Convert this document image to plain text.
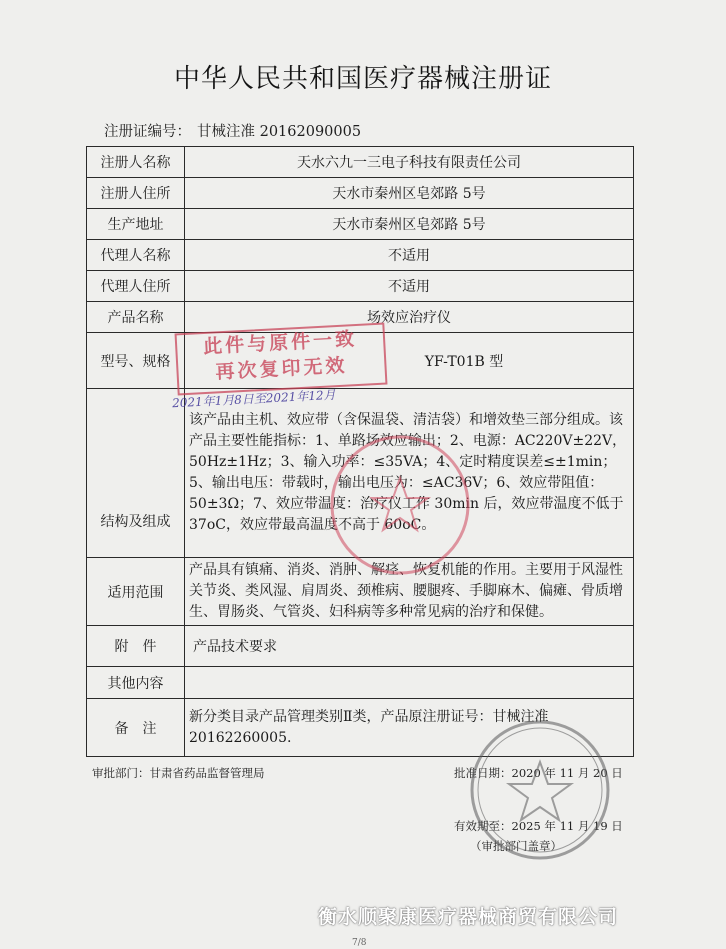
中华人民共和国医疗器械注册证
注册证编号： 甘械注准 20162090005
注册人名称	天水六九一三电子科技有限责任公司
注册人住所	天水市秦州区皂郊路 5号
生产地址	天水市秦州区皂郊路 5号
代理人名称	不适用
代理人住所	不适用
产品名称	场效应治疗仪
型号、规格	YF-T01B 型
结构及组成	该产品由主机、效应带（含保温袋、清洁袋）和增效垫三部分组成。该产品主要性能指标：1、单路场效应输出；2、电源：AC220V±22V，50Hz±1Hz；3、输入功率：≤35VA；4、定时精度误差≤±1min；5、输出电压：带载时，输出电压为：≤AC36V；6、效应带阻值：50±3Ω；7、效应带温度：治疗仪工作 30min 后，效应带温度不低于 37oC，效应带最高温度不高于 60oC。
适用范围	产品具有镇痛、消炎、消肿、解痉、恢复机能的作用。主要用于风湿性关节炎、类风湿、肩周炎、颈椎病、腰腿疼、手脚麻木、偏瘫、骨质增生、胃肠炎、气管炎、妇科病等多种常见病的治疗和保健。
附　件	产品技术要求
其他内容	
备　注	新分类目录产品管理类别Ⅱ类，产品原注册证号：甘械注准 20162260005.
审批部门：甘肃省药品监督管理局	批准日期：2020 年 11 月 20 日
有效期至：2025 年 11 月 19 日
（审批部门盖章）
此件与原件一致
再次复印无效
2021年1月8日至2021年12月
衡水顺聚康医疗器械商贸有限公司
7/8
